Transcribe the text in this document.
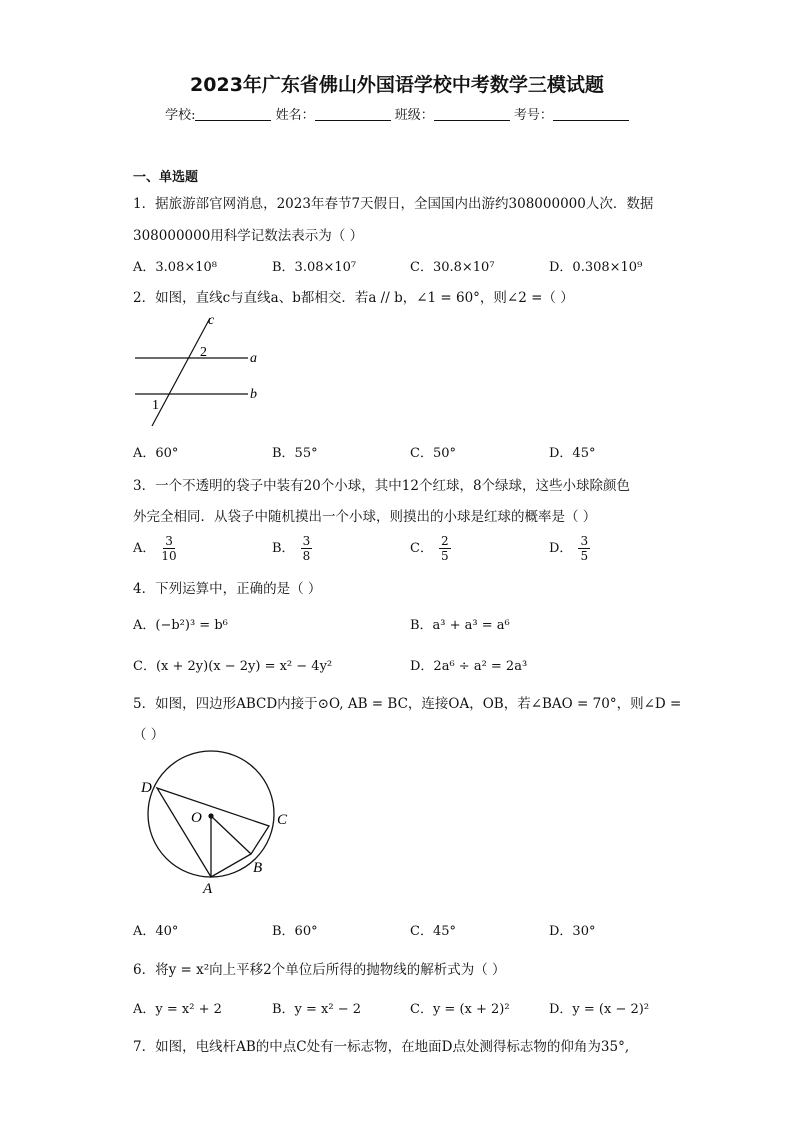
2023年广东省佛山外国语学校中考数学三模试题
学校:	姓名：	班级：	考号：
一、单选题
1．据旅游部官网消息，2023年春节7天假日，全国国内出游约308000000人次．数据
308000000用科学记数法表示为（ ）
A．3.08×10⁸	B．3.08×10⁷	C．30.8×10⁷	D．0.308×10⁹
2．如图，直线c与直线a、b都相交．若a // b，∠1 = 60°，则∠2 =（ ）
c
a
b
2
1
A．60°	B．55°	C．50°	D．45°
3．一个不透明的袋子中装有20个小球，其中12个红球，8个绿球，这些小球除颜色
外完全相同．从袋子中随机摸出一个小球，则摸出的小球是红球的概率是（ ）
A． $\frac{3}{10}$	B． $\frac{3}{8}$	C． $\frac{2}{5}$	D． $\frac{3}{5}$
4．下列运算中，正确的是（ ）
A．(−b²)³ = b⁶	B．a³ + a³ = a⁶
C．(x + 2y)(x − 2y) = x² − 4y²	D．2a⁶ ÷ a² = 2a³
5．如图，四边形ABCD内接于⊙O, AB = BC，连接OA，OB，若∠BAO = 70°，则∠D =
（ ）
D
O	C
B
A
A．40°	B．60°	C．45°	D．30°
6．将y = x²向上平移2个单位后所得的抛物线的解析式为（ ）
A．y = x² + 2	B．y = x² − 2	C．y = (x + 2)²	D．y = (x − 2)²
7．如图，电线杆AB的中点C处有一标志物，在地面D点处测得标志物的仰角为35°,
